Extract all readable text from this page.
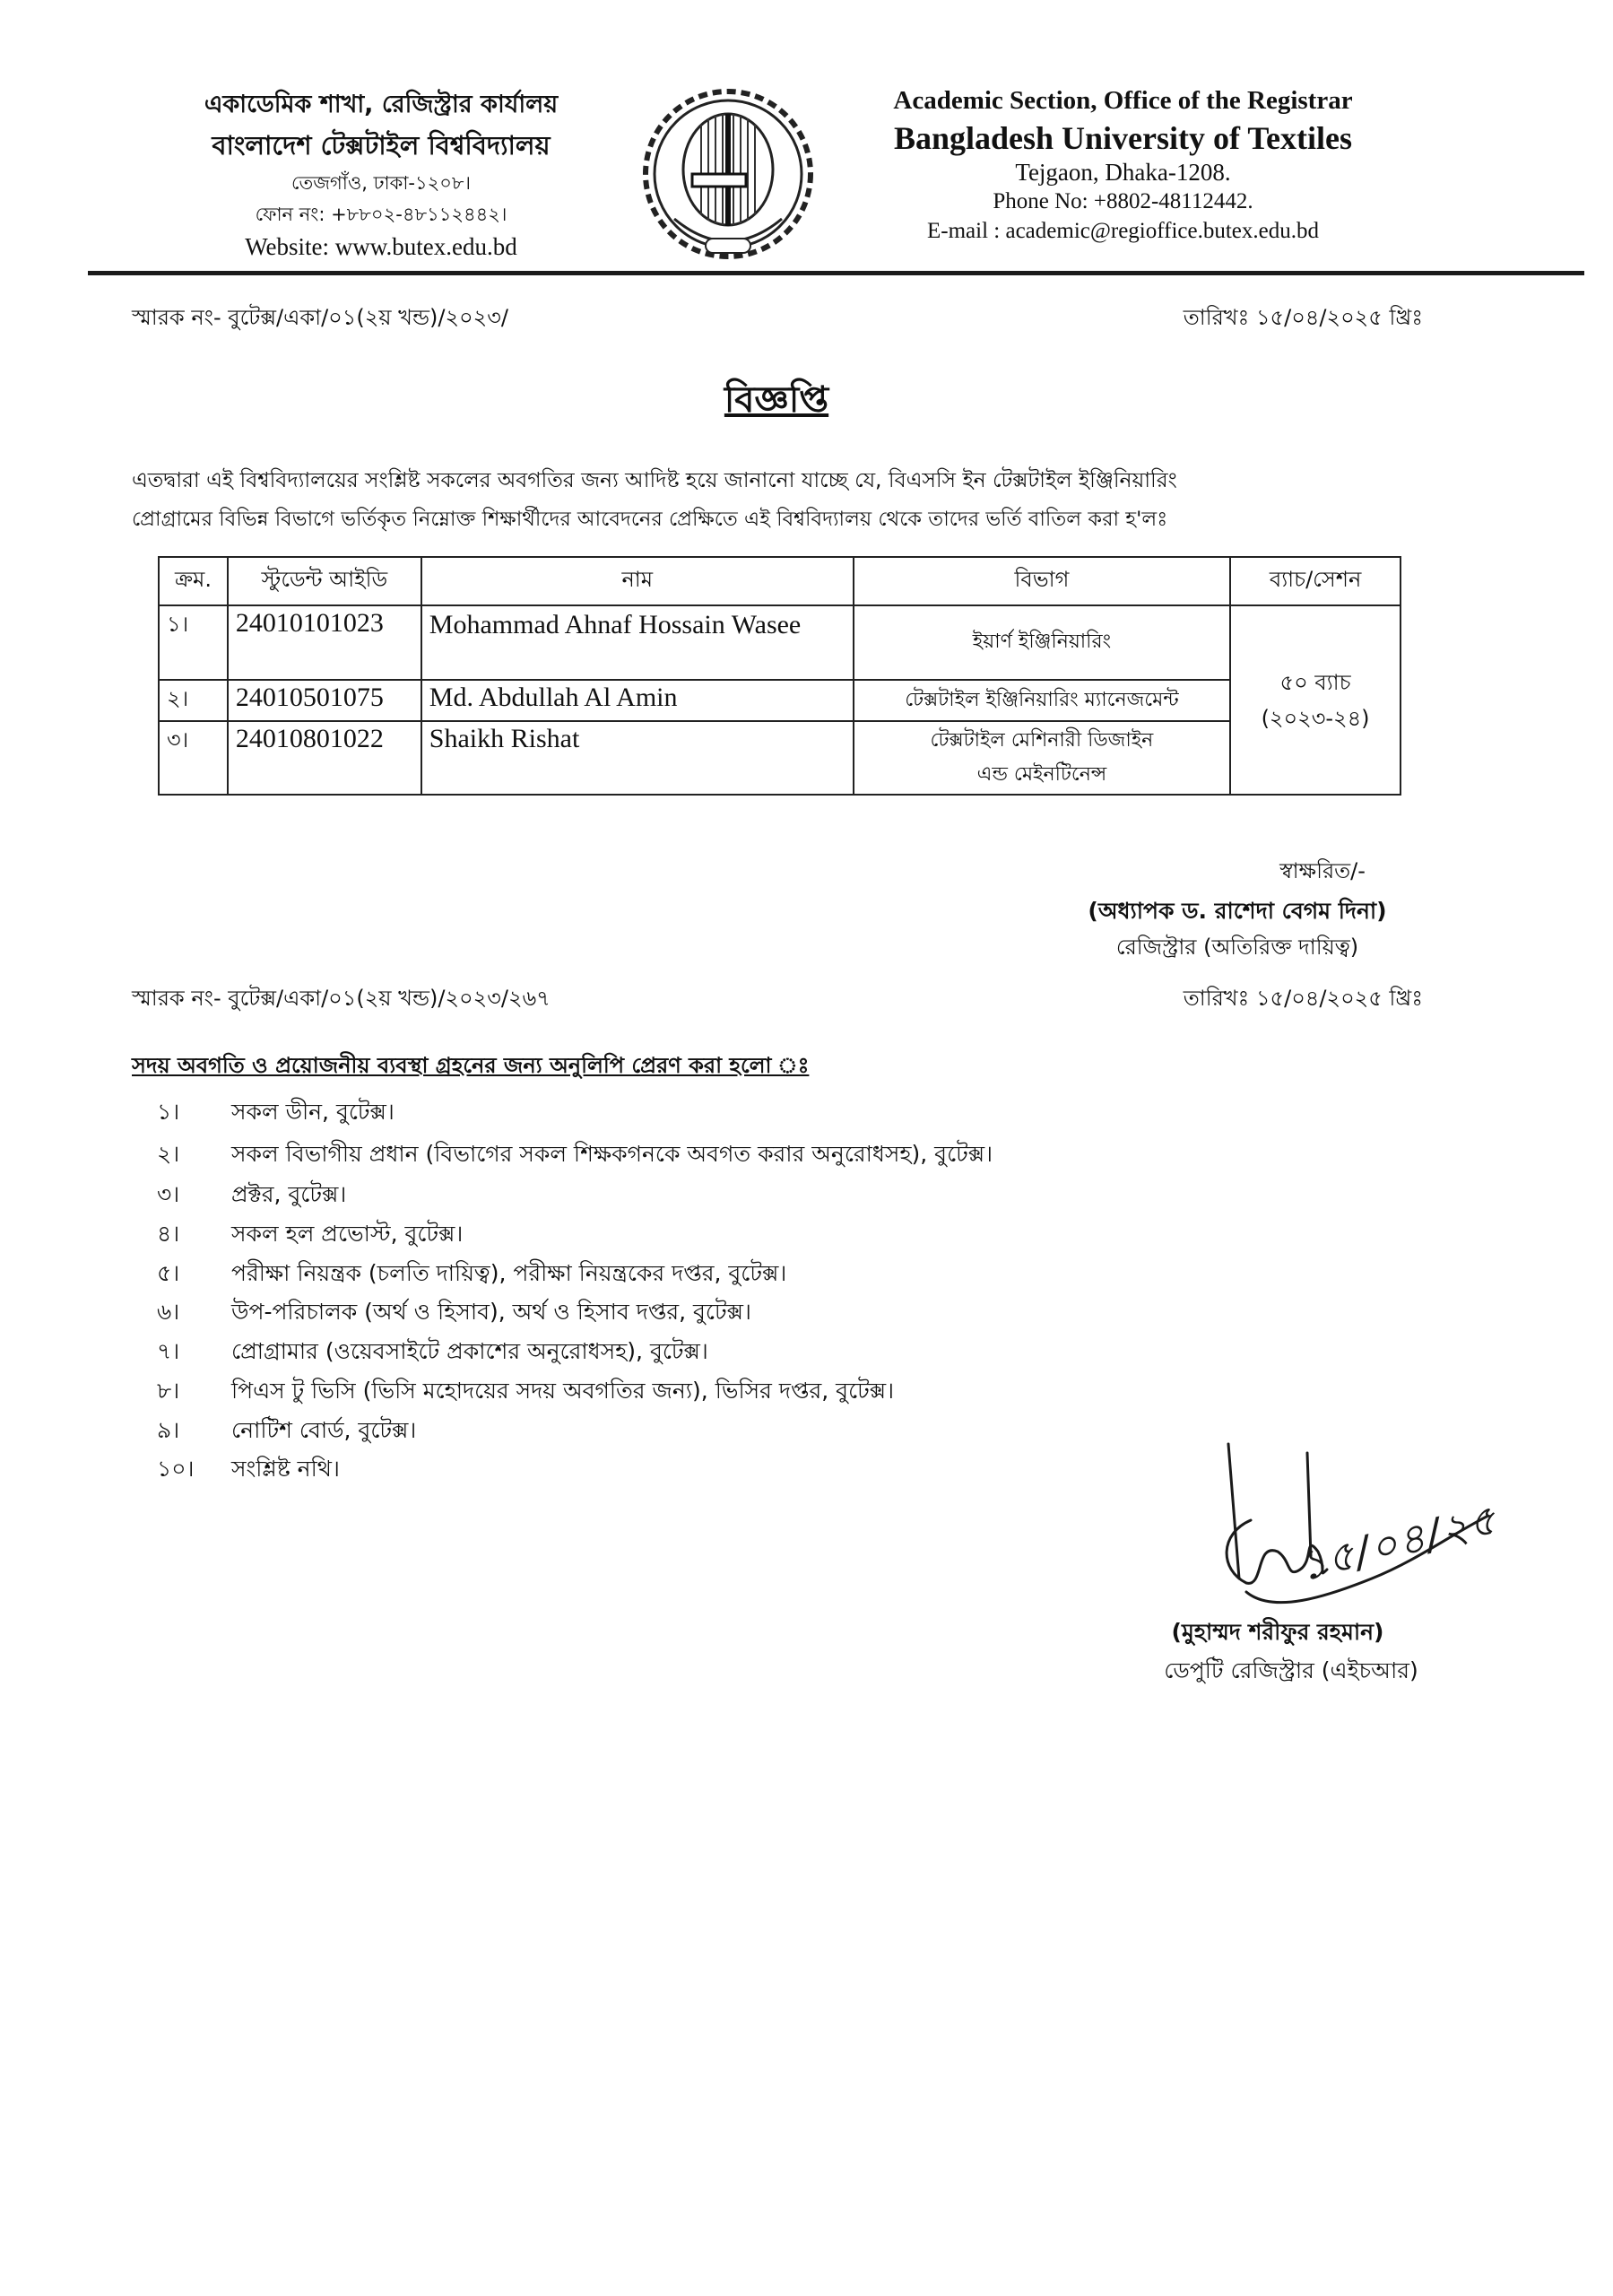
একাডেমিক শাখা, রেজিস্ট্রার কার্যালয়
বাংলাদেশ টেক্সটাইল বিশ্ববিদ্যালয়
তেজগাঁও, ঢাকা-১২০৮।
ফোন নং: +৮৮০২-৪৮১১২৪৪২।
Website: www.butex.edu.bd
Academic Section, Office of the Registrar
Bangladesh University of Textiles
Tejgaon, Dhaka-1208.
Phone No: +8802-48112442.
E-mail : academic@regioffice.butex.edu.bd
স্মারক নং- বুটেক্স/একা/০১(২য় খন্ড)/২০২৩/	তারিখঃ ১৫/০৪/২০২৫ খ্রিঃ
বিজ্ঞপ্তি
এতদ্বারা এই বিশ্ববিদ্যালয়ের সংশ্লিষ্ট সকলের অবগতির জন্য আদিষ্ট হয়ে জানানো যাচ্ছে যে, বিএসসি ইন টেক্সটাইল ইঞ্জিনিয়ারিং
প্রোগ্রামের বিভিন্ন বিভাগে ভর্তিকৃত নিম্নোক্ত শিক্ষার্থীদের আবেদনের প্রেক্ষিতে এই বিশ্ববিদ্যালয় থেকে তাদের ভর্তি বাতিল করা হ'লঃ
ক্রম.	স্টুডেন্ট আইডি	নাম	বিভাগ	ব্যাচ/সেশন
১।	24010101023	Mohammad Ahnaf Hossain Wasee	ইয়ার্ণ ইঞ্জিনিয়ারিং	৫০ ব্যাচ
(২০২৩-২৪)

২।	24010501075	Md. Abdullah Al Amin	টেক্সটাইল ইঞ্জিনিয়ারিং ম্যানেজমেন্ট	
৩।	24010801022	Shaikh Rishat	টেক্সটাইল মেশিনারী ডিজাইন এন্ড মেইনটিনেন্স	
স্বাক্ষরিত/-
(অধ্যাপক ড. রাশেদা বেগম দিনা)
রেজিস্ট্রার (অতিরিক্ত দায়িত্ব)
স্মারক নং- বুটেক্স/একা/০১(২য় খন্ড)/২০২৩/২৬৭	তারিখঃ ১৫/০৪/২০২৫ খ্রিঃ
সদয় অবগতি ও প্রয়োজনীয় ব্যবস্থা গ্রহনের জন্য অনুলিপি প্রেরণ করা হলো ঃ
১। সকল ডীন, বুটেক্স।
২। সকল বিভাগীয় প্রধান (বিভাগের সকল শিক্ষকগনকে অবগত করার অনুরোধসহ), বুটেক্স।
৩। প্রক্টর, বুটেক্স।
৪। সকল হল প্রভোস্ট, বুটেক্স।
৫। পরীক্ষা নিয়ন্ত্রক (চলতি দায়িত্ব), পরীক্ষা নিয়ন্ত্রকের দপ্তর, বুটেক্স।
৬। উপ-পরিচালক (অর্থ ও হিসাব), অর্থ ও হিসাব দপ্তর, বুটেক্স।
৭। প্রোগ্রামার (ওয়েবসাইটে প্রকাশের অনুরোধসহ), বুটেক্স।
৮। পিএস টু ভিসি (ভিসি মহোদয়ের সদয় অবগতির জন্য), ভিসির দপ্তর, বুটেক্স।
৯। নোটিশ বোর্ড, বুটেক্স।
১০। সংশ্লিষ্ট নথি।
১৫/০৪/২৫
(মুহাম্মদ শরীফুর রহমান)
ডেপুটি রেজিস্ট্রার (এইচআর)
